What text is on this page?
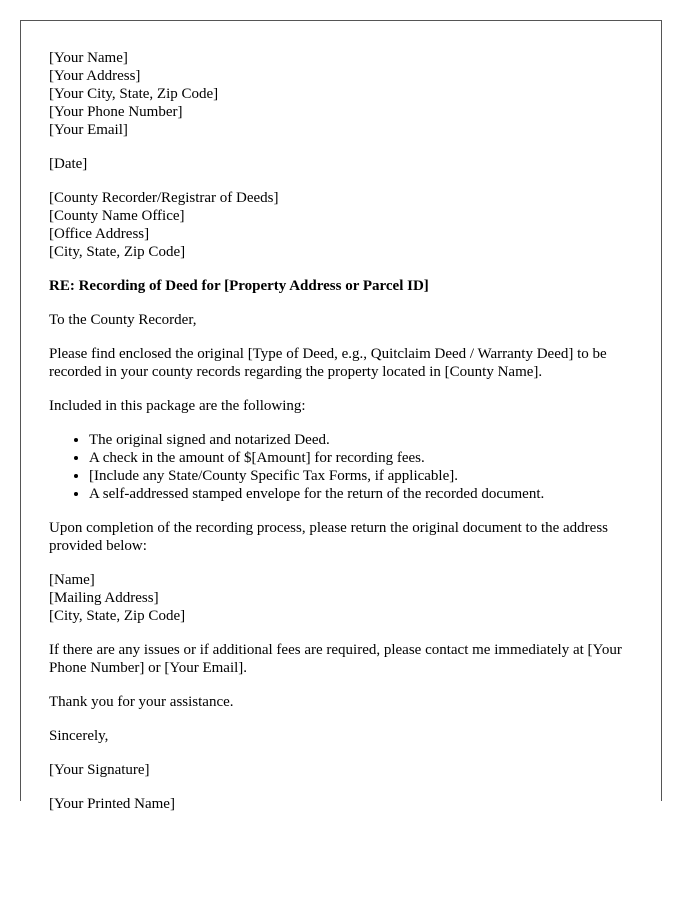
[Your Name]
[Your Address]
[Your City, State, Zip Code]
[Your Phone Number]
[Your Email]
[Date]
[County Recorder/Registrar of Deeds]
[County Name Office]
[Office Address]
[City, State, Zip Code]
RE: Recording of Deed for [Property Address or Parcel ID]
To the County Recorder,
Please find enclosed the original [Type of Deed, e.g., Quitclaim Deed / Warranty Deed] to be recorded in your county records regarding the property located in [County Name].
Included in this package are the following:
• The original signed and notarized Deed.
• A check in the amount of $[Amount] for recording fees.
• [Include any State/County Specific Tax Forms, if applicable].
• A self-addressed stamped envelope for the return of the recorded document.
Upon completion of the recording process, please return the original document to the address provided below:
[Name]
[Mailing Address]
[City, State, Zip Code]
If there are any issues or if additional fees are required, please contact me immediately at [Your Phone Number] or [Your Email].
Thank you for your assistance.
Sincerely,
[Your Signature]
[Your Printed Name]
